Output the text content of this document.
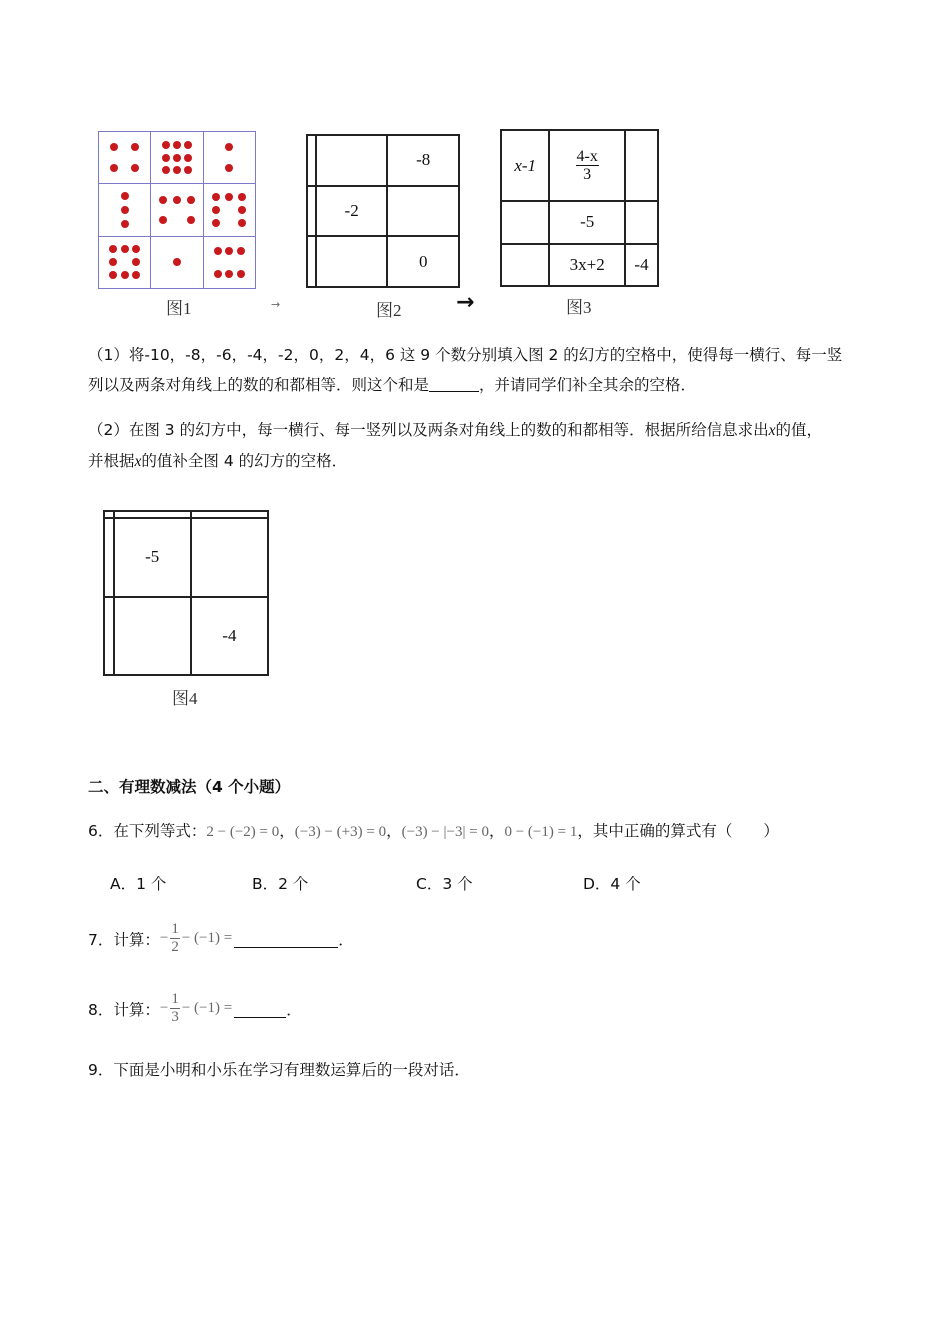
图1	→
		-8
	-2	
		0
图2 →
x-1	$\frac{4-x}{3}$

	-5	
	3x+2	-4
图3
（1）将-10，-8，-6，-4，-2，0，2，4，6 这 9 个数分别填入图 2 的幻方的空格中，使得每一横行、每一竖
列以及两条对角线上的数的和都相等．则这个和是	，并请同学们补全其余的空格．
（2）在图 3 的幻方中，每一横行、每一竖列以及两条对角线上的数的和都相等．根据所给信息求出x的值，
并根据x的值补全图 4 的幻方的空格．

	-5	
		-4
图4
二、有理数减法（4 个小题）
6．在下列等式：2 − (−2) = 0，(−3) − (+3) = 0，(−3) − |−3| = 0，0 − (−1) = 1，其中正确的算式有（　　）
A．1 个	B．2 个	C．3 个	D．4 个
7．计算： − $\frac{1}{2} - (-1)$ =	．
8．计算： − $\frac{1}{3} - (-1)$ =	．
9．下面是小明和小乐在学习有理数运算后的一段对话．
